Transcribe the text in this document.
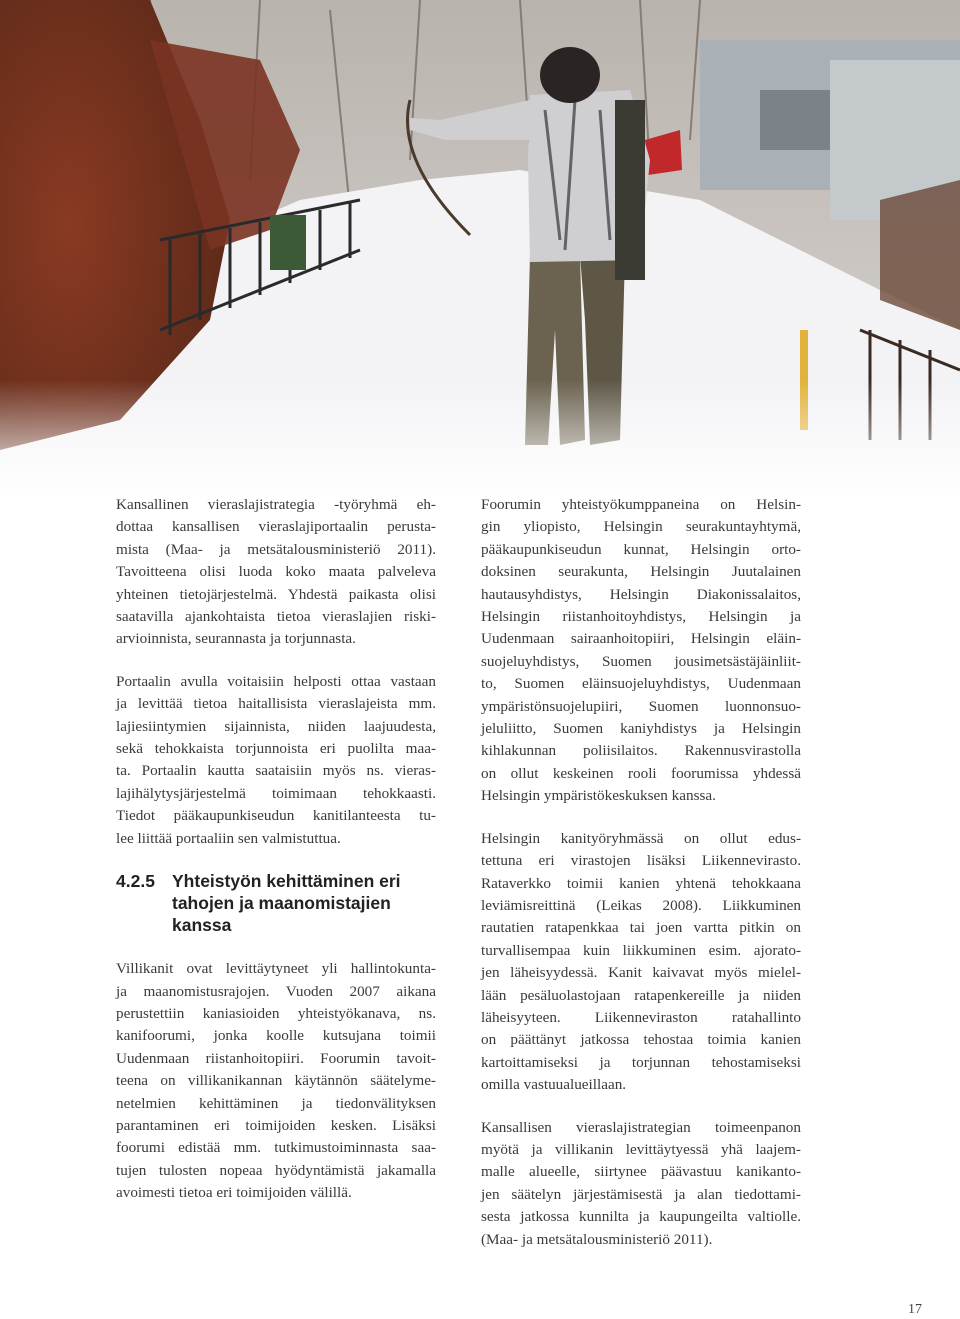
Kansallinen vieraslajistrategia -työryhmä eh-
dottaa kansallisen vieraslajiportaalin perusta-
mista (Maa- ja metsätalousministeriö 2011).
Tavoitteena olisi luoda koko maata palveleva
yhteinen tietojärjestelmä. Yhdestä paikasta olisi
saatavilla ajankohtaista tietoa vieraslajien riski-
arvioinnista, seurannasta ja torjunnasta.

Portaalin avulla voitaisiin helposti ottaa vastaan
ja levittää tietoa haitallisista vieraslajeista mm.
lajiesiintymien sijainnista, niiden laajuudesta,
sekä tehokkaista torjunnoista eri puolilta maa-
ta. Portaalin kautta saataisiin myös ns. vieras-
lajihälytysjärjestelmä toimimaan tehokkaasti.
Tiedot pääkaupunkiseudun kanitilanteesta tu-
lee liittää portaaliin sen valmistuttua.

4.2.5 Yhteistyön kehittäminen eri
tahojen ja maanomistajien
kanssa

Villikanit ovat levittäytyneet yli hallintokunta-
ja maanomistusrajojen. Vuoden 2007 aikana
perustettiin kaniasioiden yhteistyökanava, ns.
kanifoorumi, jonka koolle kutsujana toimii
Uudenmaan riistanhoitopiiri. Foorumin tavoit-
teena on villikanikannan käytännön säätelyme-
netelmien kehittäminen ja tiedonvälityksen
parantaminen eri toimijoiden kesken. Lisäksi
foorumi edistää mm. tutkimustoiminnasta saa-
tujen tulosten nopeaa hyödyntämistä jakamalla
avoimesti tietoa eri toimijoiden välillä.

Foorumin yhteistyökumppaneina on Helsin-
gin yliopisto, Helsingin seurakuntayhtymä,
pääkaupunkiseudun kunnat, Helsingin orto-
doksinen seurakunta, Helsingin Juutalainen
hautausyhdistys, Helsingin Diakonissalaitos,
Helsingin riistanhoitoyhdistys, Helsingin ja
Uudenmaan sairaanhoitopiiri, Helsingin eläin-
suojeluyhdistys, Suomen jousimetsästäjäinliit-
to, Suomen eläinsuojeluyhdistys, Uudenmaan
ympäristönsuojelupiiri, Suomen luonnonsuo-
jeluliitto, Suomen kaniyhdistys ja Helsingin
kihlakunnan poliisilaitos. Rakennusvirastolla
on ollut keskeinen rooli foorumissa yhdessä
Helsingin ympäristökeskuksen kanssa.

Helsingin kanityöryhmässä on ollut edus-
tettuna eri virastojen lisäksi Liikennevirasto.
Rataverkko toimii kanien yhtenä tehokkaana
leviämisreittinä (Leikas 2008). Liikkuminen
rautatien ratapenkkaa tai joen vartta pitkin on
turvallisempaa kuin liikkuminen esim. ajorato-
jen läheisyydessä. Kanit kaivavat myös mielel-
lään pesäluolastojaan ratapenkereille ja niiden
läheisyyteen. Liikenneviraston ratahallinto
on päättänyt jatkossa tehostaa toimia kanien
kartoittamiseksi ja torjunnan tehostamiseksi
omilla vastuualueillaan.

Kansallisen vieraslajistrategian toimeenpanon
myötä ja villikanin levittäytyessä yhä laajem-
malle alueelle, siirtynee päävastuu kanikanto-
jen säätelyn järjestämisestä ja alan tiedottami-
sesta jatkossa kunnilta ja kaupungeilta valtiolle.
(Maa- ja metsätalousministeriö 2011).

17
